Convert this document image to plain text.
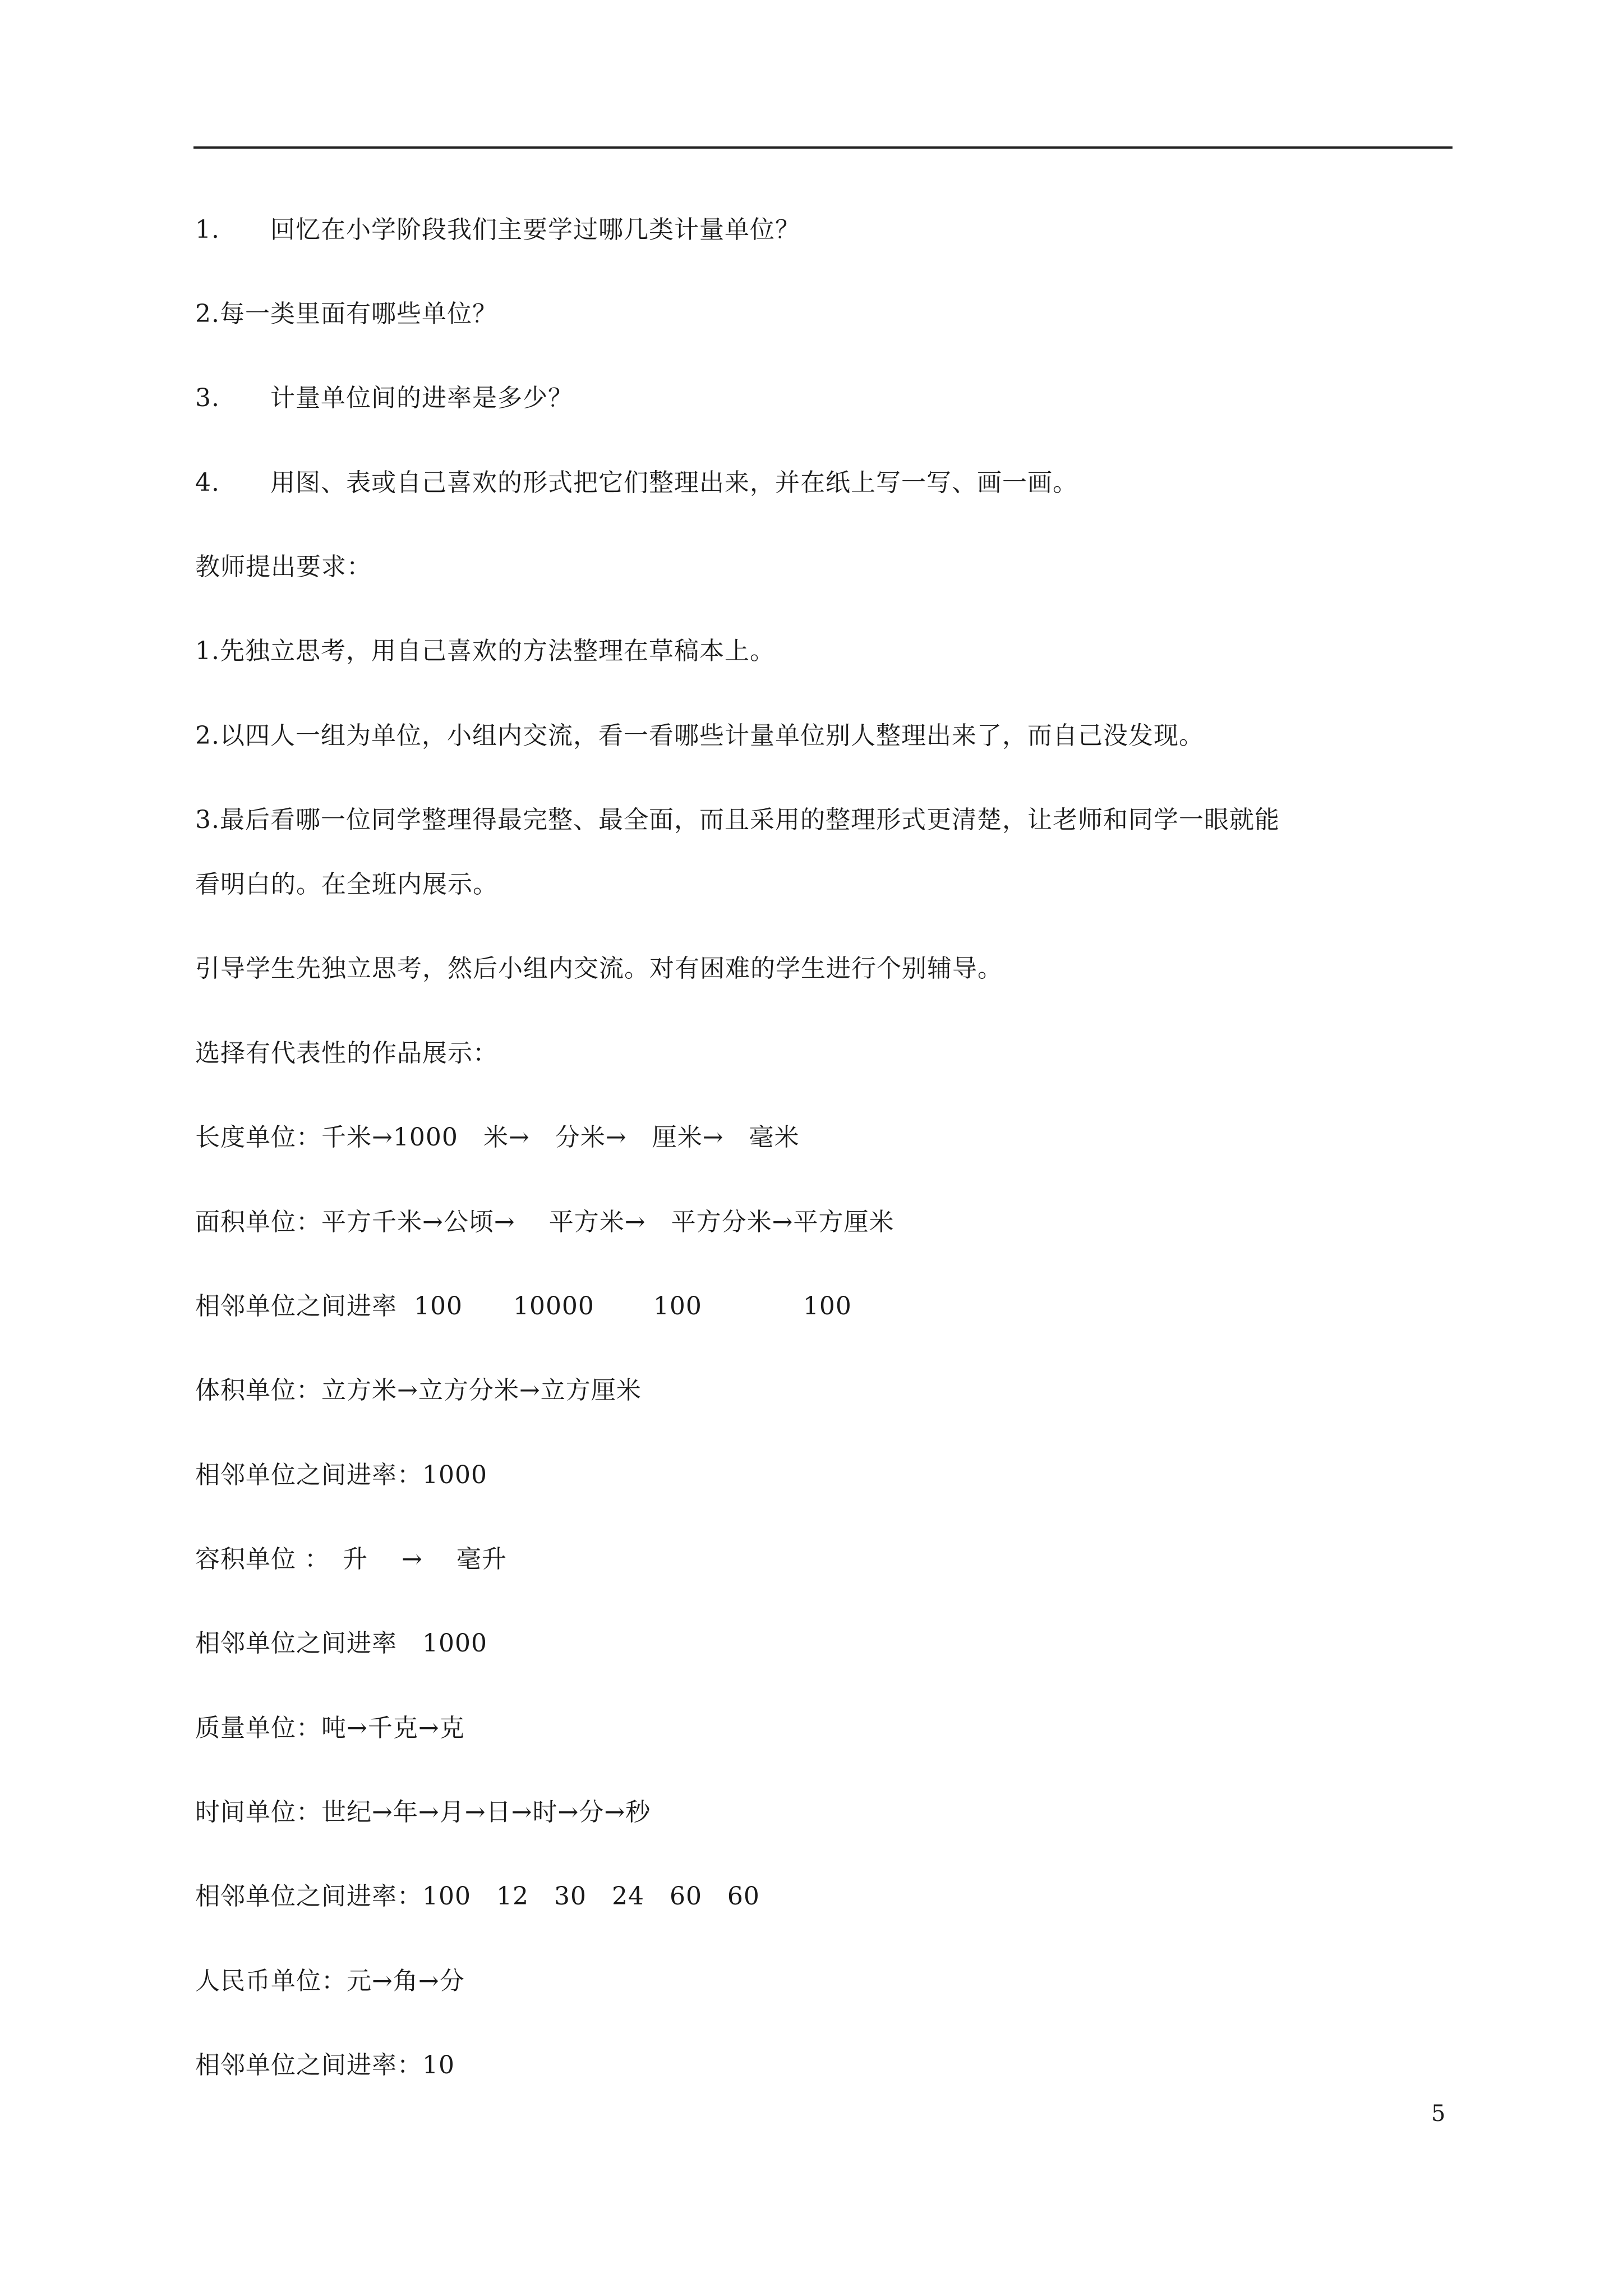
1.　　回忆在小学阶段我们主要学过哪几类计量单位？
2.每一类里面有哪些单位？
3.　　计量单位间的进率是多少？
4.　　用图、表或自己喜欢的形式把它们整理出来，并在纸上写一写、画一画。
教师提出要求：
1.先独立思考，用自己喜欢的方法整理在草稿本上。
2.以四人一组为单位，小组内交流，看一看哪些计量单位别人整理出来了，而自己没发现。
3.最后看哪一位同学整理得最完整、最全面，而且采用的整理形式更清楚，让老师和同学一眼就能
看明白的。在全班内展示。
引导学生先独立思考，然后小组内交流。对有困难的学生进行个别辅导。
选择有代表性的作品展示：
长度单位：千米→1000　米→　分米→　厘米→　毫米
面积单位：平方千米→公顷→　 平方米→　平方分米→平方厘米
相邻单位之间进率  100　　10000　　 100　　　　100
体积单位：立方米→立方分米→立方厘米
相邻单位之间进率：1000
容积单位 ：　升　 →　 毫升
相邻单位之间进率　1000
质量单位：吨→千克→克
时间单位：世纪→年→月→日→时→分→秒
相邻单位之间进率：100　12　30　24　60　60
人民币单位：元→角→分
相邻单位之间进率：10
5
